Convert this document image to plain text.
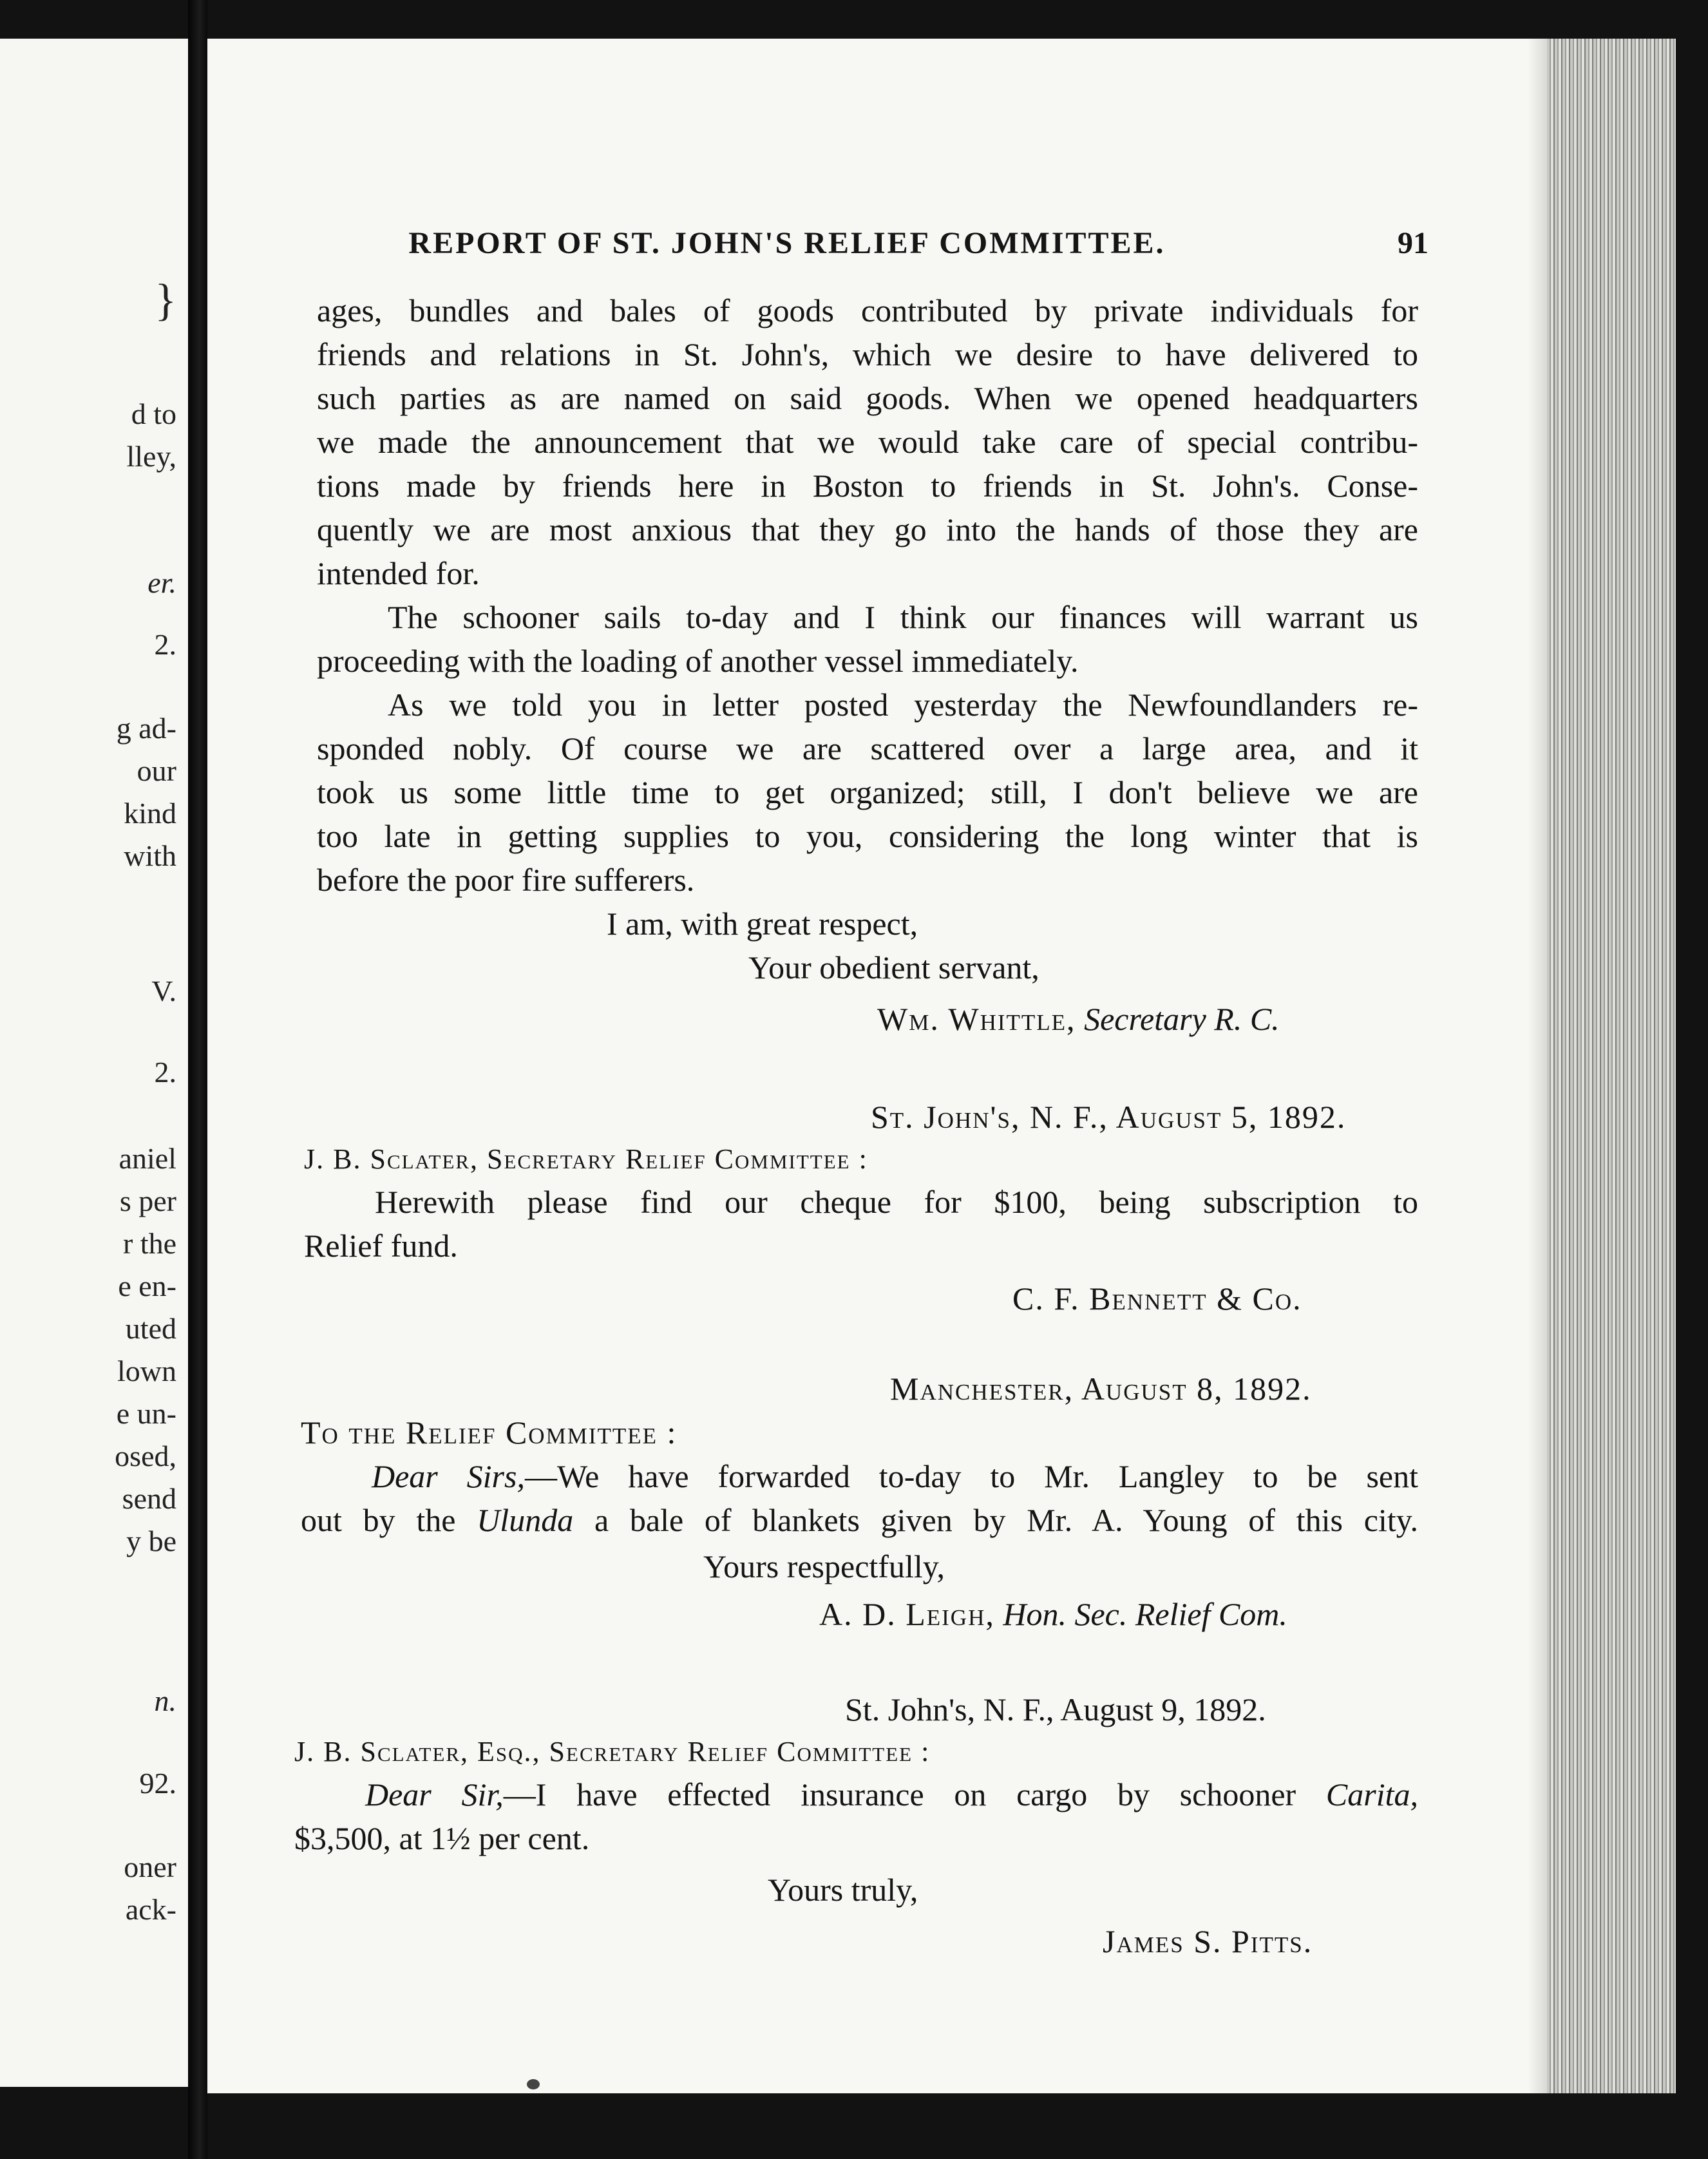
}
d to
lley,
er.
2.
g ad-
our
kind
with
V.
2.
aniel
s per
r the
e en-
uted
lown
e un-
osed,
send
y be
n.
92.
oner
ack-
REPORT OF ST. JOHN'S RELIEF COMMITTEE.	91
ages, bundles and bales of goods contributed by private individuals for
friends and relations in St. John's, which we desire to have delivered to
such parties as are named on said goods. When we opened headquarters
we made the announcement that we would take care of special contribu-
tions made by friends here in Boston to friends in St. John's. Conse-
quently we are most anxious that they go into the hands of those they are
intended for.
The schooner sails to-day and I think our finances will warrant us
proceeding with the loading of another vessel immediately.
As we told you in letter posted yesterday the Newfoundlanders re-
sponded nobly. Of course we are scattered over a large area, and it
took us some little time to get organized; still, I don't believe we are
too late in getting supplies to you, considering the long winter that is
before the poor fire sufferers.
I am, with great respect,
Your obedient servant,
Wm. Whittle, Secretary R. C.
St. John's, N. F., August 5, 1892.
J. B. Sclater, Secretary Relief Committee :
Herewith please find our cheque for $100, being subscription to
Relief fund.
C. F. Bennett & Co.
Manchester, August 8, 1892.
To the Relief Committee :
Dear Sirs,—We have forwarded to-day to Mr. Langley to be sent
out by the Ulunda a bale of blankets given by Mr. A. Young of this city.
Yours respectfully,
A. D. Leigh, Hon. Sec. Relief Com.
St. John's, N. F., August 9, 1892.
J. B. Sclater, Esq., Secretary Relief Committee :
Dear Sir,—I have effected insurance on cargo by schooner Carita,
$3,500, at 1½ per cent.
Yours truly,
James S. Pitts.
